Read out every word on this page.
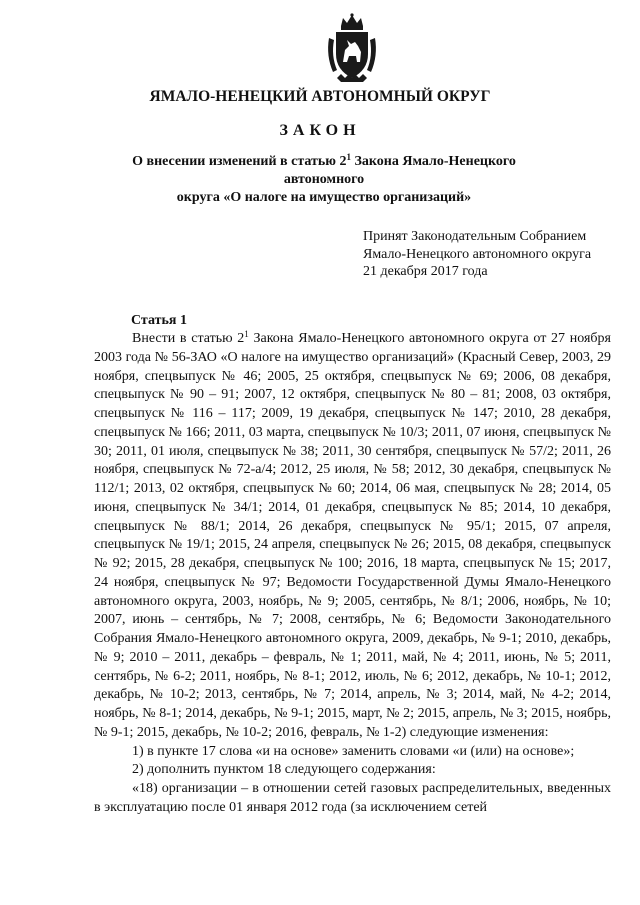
ЯМАЛО-НЕНЕЦКИЙ АВТОНОМНЫЙ ОКРУГ
ЗАКОН
О внесении изменений в статью $2^1$ Закона Ямало-Ненецкого автономного
округа «О налоге на имущество организаций»
Принят Законодательным Собранием
Ямало-Ненецкого автономного округа
21 декабря 2017 года
Статья 1

Внести в статью $2^1$ Закона Ямало-Ненецкого автономного округа от 27 ноября 2003 года № 56-ЗАО «О налоге на имущество организаций» (Красный Север, 2003, 29 ноября, спецвыпуск № 46; 2005, 25 октября, спецвыпуск № 69; 2006, 08 декабря, спецвыпуск № 90 – 91; 2007, 12 октября, спецвыпуск № 80 – 81; 2008, 03 октября, спецвыпуск № 116 – 117; 2009, 19 декабря, спецвыпуск № 147; 2010, 28 декабря, спецвыпуск № 166; 2011, 03 марта, спецвыпуск № 10/3; 2011, 07 июня, спецвыпуск № 30; 2011, 01 июля, спецвыпуск № 38; 2011, 30 сентября, спецвыпуск № 57/2; 2011, 26 ноября, спецвыпуск № 72-а/4; 2012, 25 июля, № 58; 2012, 30 декабря, спецвыпуск № 112/1; 2013, 02 октября, спецвыпуск № 60; 2014, 06 мая, спецвыпуск № 28; 2014, 05 июня, спецвыпуск № 34/1; 2014, 01 декабря, спецвыпуск № 85; 2014, 10 декабря, спецвыпуск № 88/1; 2014, 26 декабря, спецвыпуск № 95/1; 2015, 07 апреля, спецвыпуск № 19/1; 2015, 24 апреля, спецвыпуск № 26; 2015, 08 декабря, спецвыпуск № 92; 2015, 28 декабря, спецвыпуск № 100; 2016, 18 марта, спецвыпуск № 15; 2017, 24 ноября, спецвыпуск № 97; Ведомости Государственной Думы Ямало-Ненецкого автономного округа, 2003, ноябрь, № 9; 2005, сентябрь, № 8/1; 2006, ноябрь, № 10; 2007, июнь – сентябрь, № 7; 2008, сентябрь, № 6; Ведомости Законодательного Собрания Ямало-Ненецкого автономного округа, 2009, декабрь, № 9-1; 2010, декабрь, № 9; 2010 – 2011, декабрь – февраль, № 1; 2011, май, № 4; 2011, июнь, № 5; 2011, сентябрь, № 6-2; 2011, ноябрь, № 8-1; 2012, июль, № 6; 2012, декабрь, № 10-1; 2012, декабрь, № 10-2; 2013, сентябрь, № 7; 2014, апрель, № 3; 2014, май, № 4-2; 2014, ноябрь, № 8-1; 2014, декабрь, № 9-1; 2015, март, № 2; 2015, апрель, № 3; 2015, ноябрь, № 9-1; 2015, декабрь, № 10-2; 2016, февраль, № 1-2) следующие изменения:

1) в пункте 17 слова «и на основе» заменить словами «и (или) на основе»;

2) дополнить пунктом 18 следующего содержания:

«18) организации – в отношении сетей газовых распределительных, введенных в эксплуатацию после 01 января 2012 года (за исключением сетей
